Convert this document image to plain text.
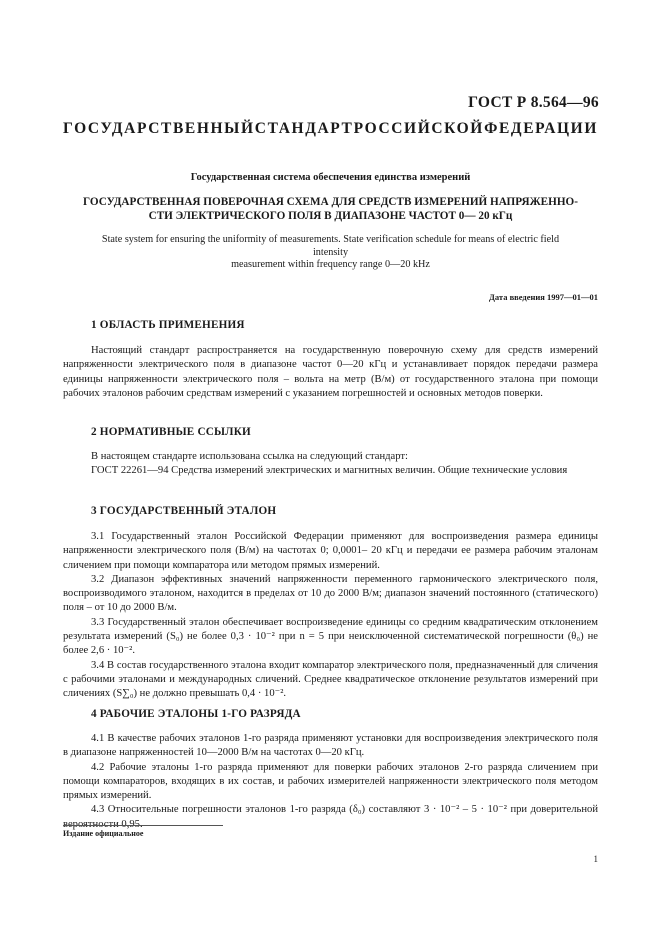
ГОСТ Р 8.564—96
ГОСУДАРСТВЕННЫЙ СТАНДАРТ РОССИЙСКОЙ ФЕДЕРАЦИИ
Государственная система обеспечения единства измерений
ГОСУДАРСТВЕННАЯ ПОВЕРОЧНАЯ СХЕМА ДЛЯ СРЕДСТВ ИЗМЕРЕНИЙ НАПРЯЖЕННО-
СТИ ЭЛЕКТРИЧЕСКОГО ПОЛЯ В ДИАПАЗОНЕ ЧАСТОТ 0— 20 кГц
State system for ensuring the uniformity of measurements. State verification schedule for means of electric field
intensity
measurement within frequency range 0—20 kHz
Дата введения 1997—01—01
1 ОБЛАСТЬ ПРИМЕНЕНИЯ

Настоящий стандарт распространяется на государственную поверочную схему для средств измерений напряженности электрического поля в диапазоне частот 0—20 кГц и устанавливает порядок передачи размера единицы напряженности электрического поля – вольта на метр (В/м) от государственного эталона при помощи рабочих эталонов рабочим средствам измерений с указанием погрешностей и основных методов поверки.

2 НОРМАТИВНЫЕ ССЫЛКИ

В настоящем стандарте использована ссылка на следующий стандарт:

ГОСТ 22261—94 Средства измерений электрических и магнитных величин. Общие технические условия

3 ГОСУДАРСТВЕННЫЙ ЭТАЛОН

3.1 Государственный эталон Российской Федерации применяют для воспроизведения размера единицы напряженности электрического поля (В/м) на частотах 0; 0,0001– 20 кГц и передачи ее размера рабочим эталонам сличением при помощи компаратора или методом прямых измерений.

3.2 Диапазон эффективных значений напряженности переменного гармонического электрического поля, воспроизводимого эталоном, находится в пределах от 10 до 2000 В/м; диапазон значений постоянного (статического) поля – от 10 до 2000 В/м.

3.3 Государственный эталон обеспечивает воспроизведение единицы со средним квадратическим отклонением результата измерений (S₀) не более 0,3 · 10⁻² при n = 5 при неисключенной систематической погрешности (θ₀) не более 2,6 · 10⁻².

3.4 В состав государственного эталона входит компаратор электрического поля, предназначенный для сличения с рабочими эталонами и международных сличений. Среднее квадратическое отклонение результатов измерений при сличениях (S∑₀) не должно превышать 0,4 · 10⁻².

4 РАБОЧИЕ ЭТАЛОНЫ 1-ГО РАЗРЯДА

4.1 В качестве рабочих эталонов 1-го разряда применяют установки для воспроизведения электрического поля в диапазоне напряженностей 10—2000 В/м на частотах 0—20 кГц.

4.2 Рабочие эталоны 1-го разряда применяют для поверки рабочих эталонов 2-го разряда сличением при помощи компараторов, входящих в их состав, и рабочих измерителей напряженности электрического поля методом прямых измерений.

4.3 Относительные погрешности эталонов 1-го разряда (δ₀) составляют 3 · 10⁻² – 5 · 10⁻² при доверительной вероятности 0,95.

Издание официальное
1
